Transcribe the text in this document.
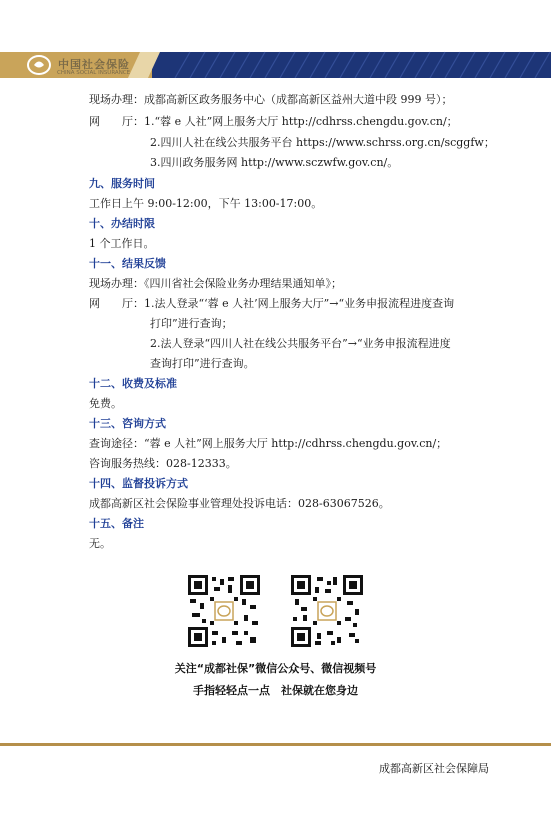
中国社会保险
CHINA SOCIAL INSURANCE
现场办理：成都高新区政务服务中心（成都高新区益州大道中段 999 号）；
网　　厅：1.“蓉 e 人社”网上服务大厅 http://cdhrss.chengdu.gov.cn/；
2.四川人社在线公共服务平台 https://www.schrss.org.cn/scggfw；
3.四川政务服务网 http://www.sczwfw.gov.cn/。
九、服务时间
工作日上午 9:00-12:00，下午 13:00-17:00。
十、办结时限
1 个工作日。
十一、结果反馈
现场办理：《四川省社会保险业务办理结果通知单》；
网　　厅：1.法人登录“‘蓉 e 人社’网上服务大厅”→“业务申报流程进度查询
打印”进行查询；
2.法人登录“四川人社在线公共服务平台”→“业务申报流程进度
查询打印”进行查询。
十二、收费及标准
免费。
十三、咨询方式
查询途径：“蓉 e 人社”网上服务大厅 http://cdhrss.chengdu.gov.cn/；
咨询服务热线：028-12333。
十四、监督投诉方式
成都高新区社会保险事业管理处投诉电话：028-63067526。
十五、备注
无。
关注“成都社保”微信公众号、微信视频号
手指轻轻点一点　社保就在您身边
成都高新区社会保障局
